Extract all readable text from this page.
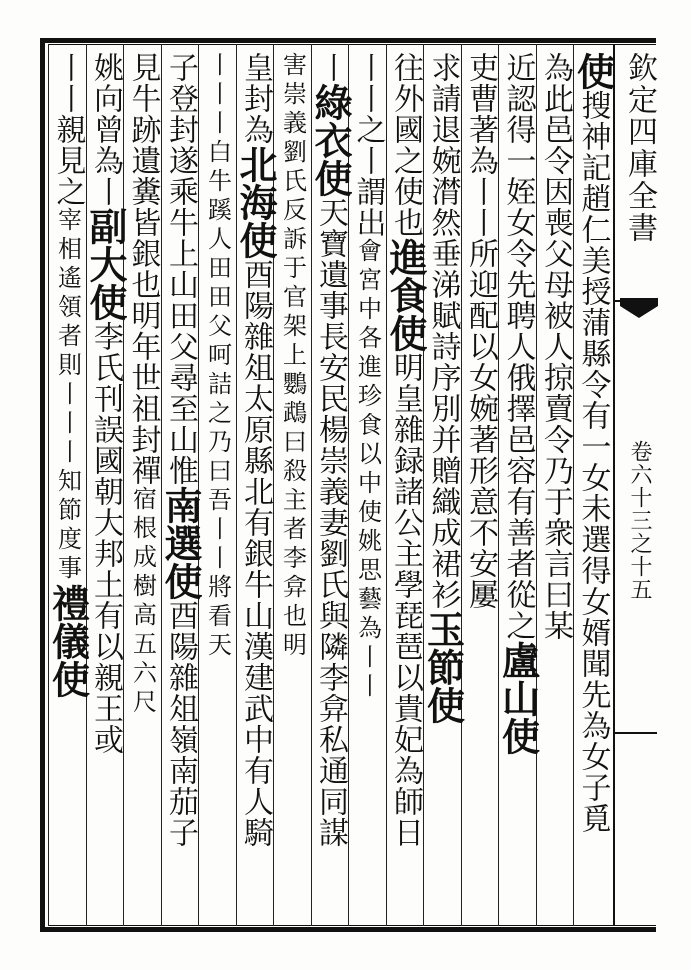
欽定四庫全書
卷六十三之十五
使搜神記趙仁美授蒲縣令有一女未選得女婿聞先為女子覓
為此邑令因喪父母被人掠賣令乃于衆言曰某
近認得一姪女令先聘人俄擇邑容有善者從之盧山使
吏曹著為丨丨所迎配以女婉著形意不安屢
求請退婉潸然垂涕賦詩序別并贈織成裙衫玉節使
往外國之使也進食使明皇雜録諸公主學琵琶以貴妃為師日
丨丨之丨謂出會宮中各進珍食以中使姚思藝為丨丨
丨綠衣使天寶遺事長安民楊崇義妻劉氏與隣李弇私通同謀
害崇義劉氏反訴于官架上鸚鵡曰殺主者李弇也明
皇封為北海使酉陽雜俎太原縣北有銀牛山漢建武中有人騎
丨丨丨白牛蹊人田田父呵詰之乃曰吾丨丨將看天
子登封遂乘牛上山田父尋至山惟南選使酉陽雜俎嶺南茄子
見牛跡遺糞皆銀也明年世祖封禪宿根成樹高五六尺
姚向曾為丨副大使李氏刊誤國朝大邦土有以親王或
丨丨親見之宰相遙領者則丨丨丨知節度事禮儀使
